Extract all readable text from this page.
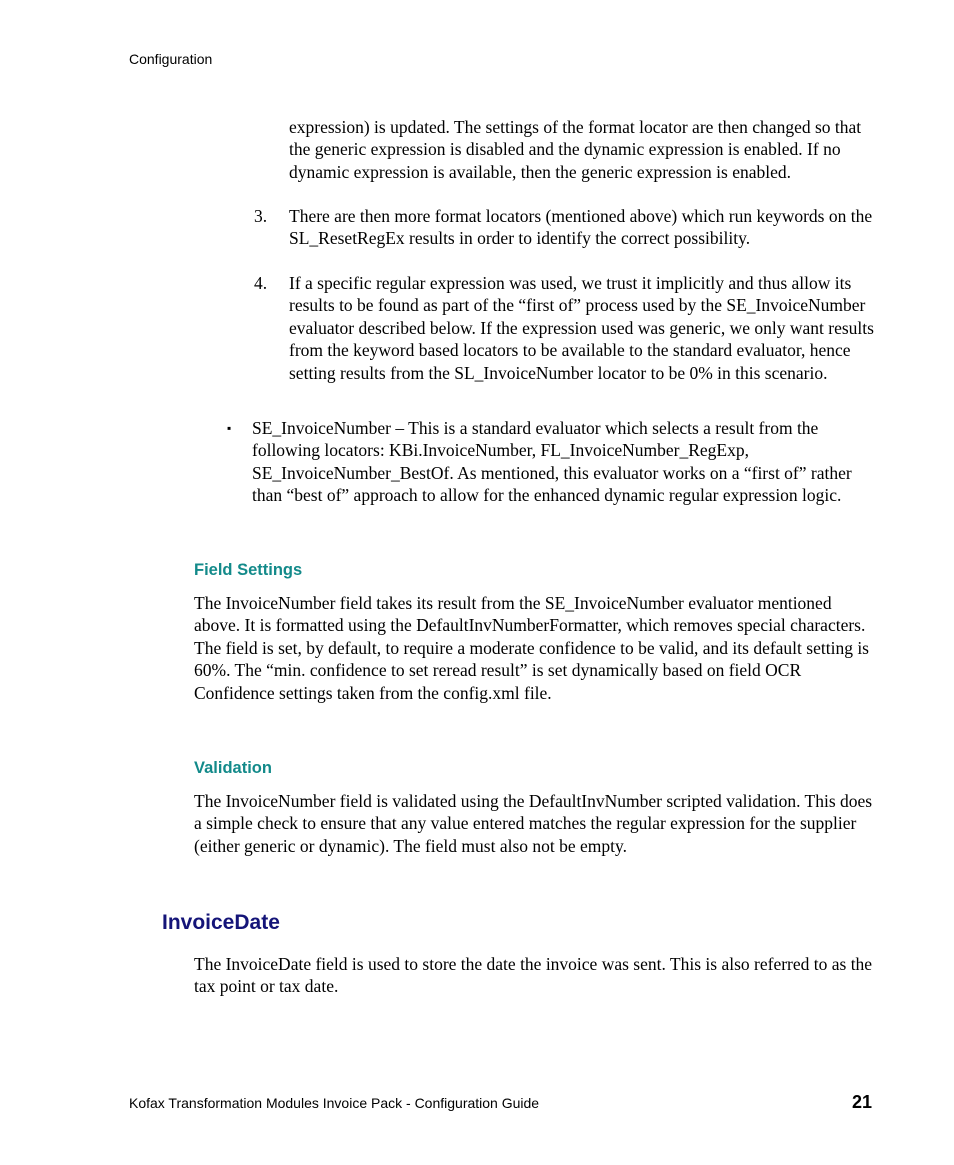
Configuration

expression) is updated. The settings of the format locator are then changed so that the generic expression is disabled and the dynamic expression is enabled. If no dynamic expression is available, then the generic expression is enabled.

3. There are then more format locators (mentioned above) which run keywords on the SL_ResetRegEx results in order to identify the correct possibility.

4. If a specific regular expression was used, we trust it implicitly and thus allow its results to be found as part of the “first of” process used by the SE_InvoiceNumber evaluator described below. If the expression used was generic, we only want results from the keyword based locators to be available to the standard evaluator, hence setting results from the SL_InvoiceNumber locator to be 0% in this scenario.

▪ SE_InvoiceNumber – This is a standard evaluator which selects a result from the following locators: KBi.InvoiceNumber, FL_InvoiceNumber_RegExp, SE_InvoiceNumber_BestOf. As mentioned, this evaluator works on a “first of” rather than “best of” approach to allow for the enhanced dynamic regular expression logic.

Field Settings

The InvoiceNumber field takes its result from the SE_InvoiceNumber evaluator mentioned above. It is formatted using the DefaultInvNumberFormatter, which removes special characters. The field is set, by default, to require a moderate confidence to be valid, and its default setting is 60%. The “min. confidence to set reread result” is set dynamically based on field OCR Confidence settings taken from the config.xml file.

Validation

The InvoiceNumber field is validated using the DefaultInvNumber scripted validation. This does a simple check to ensure that any value entered matches the regular expression for the supplier (either generic or dynamic). The field must also not be empty.

InvoiceDate

The InvoiceDate field is used to store the date the invoice was sent. This is also referred to as the tax point or tax date.

Kofax Transformation Modules Invoice Pack - Configuration Guide	21
